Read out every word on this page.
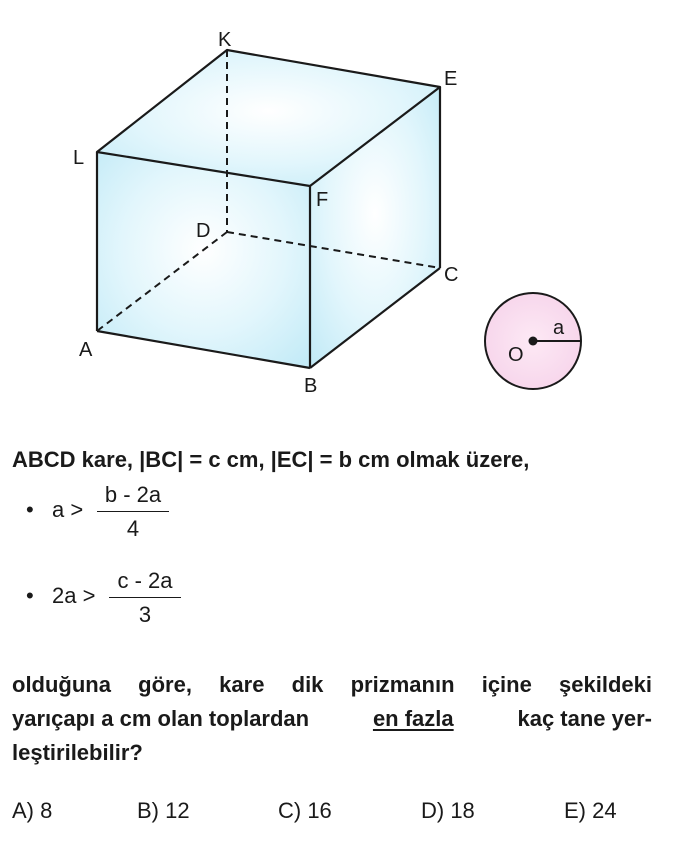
K
E
L
F
D
C
A
B
O
a
ABCD kare, |BC| = c cm, |EC| = b cm olmak üzere,
• $a > \frac{b - 2a}{4}$
• $2a > \frac{c - 2a}{3}$
olduğuna göre, kare dik prizmanın içine şekildeki
yarıçapı a cm olan toplardan	en fazla	kaç tane yer-
leştirilebilir?
A) 8	B) 12	C) 16	D) 18	E) 24
